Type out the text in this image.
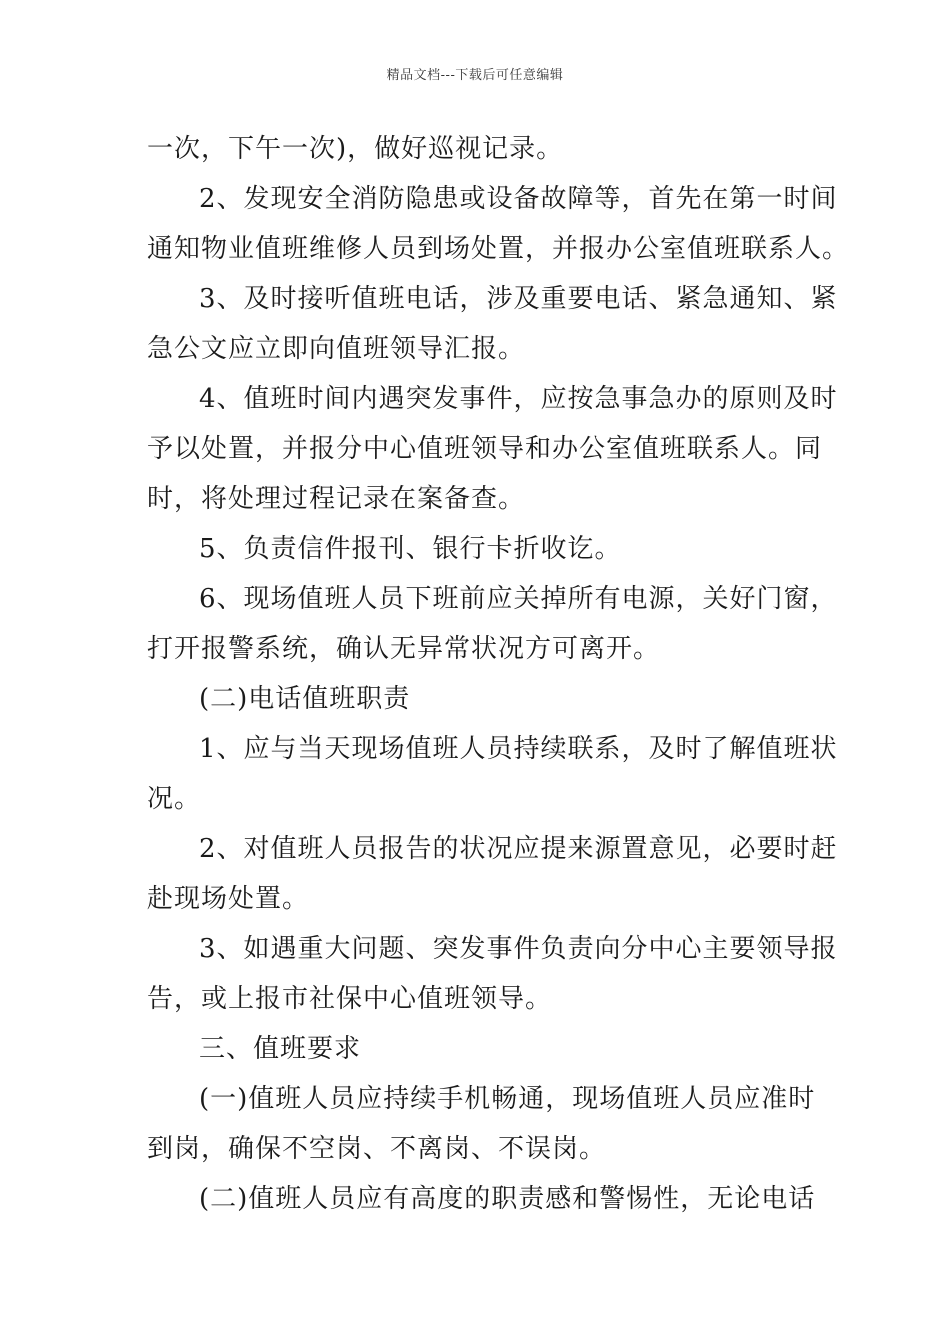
精品文档---下载后可任意编辑
一次，下午一次)，做好巡视记录。
2、发现安全消防隐患或设备故障等，首先在第一时间
通知物业值班维修人员到场处置，并报办公室值班联系人。
3、及时接听值班电话，涉及重要电话、紧急通知、紧
急公文应立即向值班领导汇报。
4、值班时间内遇突发事件，应按急事急办的原则及时
予以处置，并报分中心值班领导和办公室值班联系人。同
时，将处理过程记录在案备查。
5、负责信件报刊、银行卡折收讫。
6、现场值班人员下班前应关掉所有电源，关好门窗，
打开报警系统，确认无异常状况方可离开。
(二)电话值班职责
1、应与当天现场值班人员持续联系，及时了解值班状
况。
2、对值班人员报告的状况应提来源置意见，必要时赶
赴现场处置。
3、如遇重大问题、突发事件负责向分中心主要领导报
告，或上报市社保中心值班领导。
三、值班要求
(一)值班人员应持续手机畅通，现场值班人员应准时
到岗，确保不空岗、不离岗、不误岗。
(二)值班人员应有高度的职责感和警惕性，无论电话
